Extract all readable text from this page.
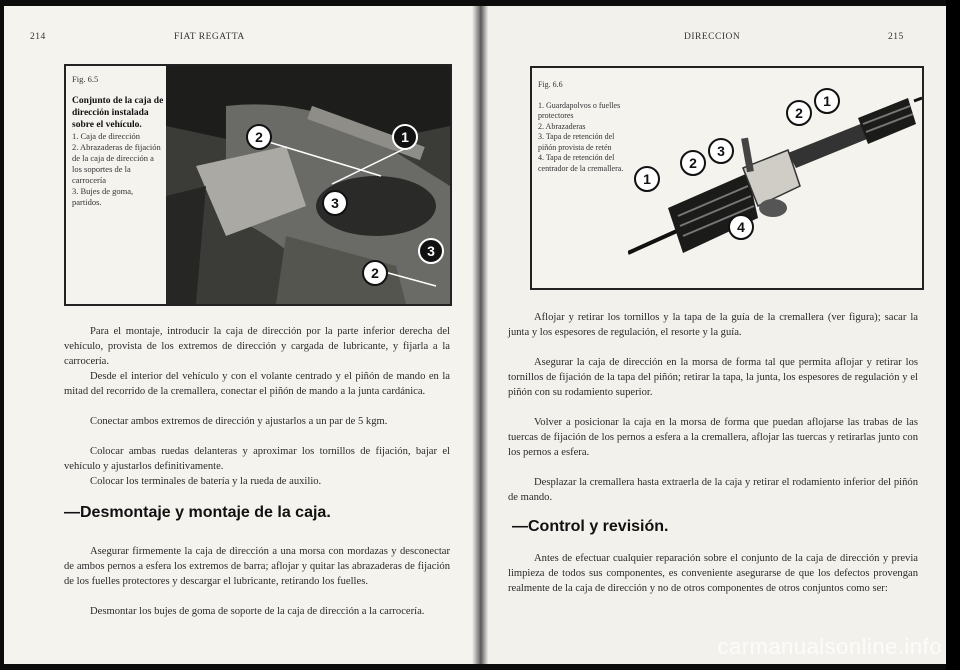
214	FIAT REGATTA
Fig. 6.5
Conjunto de la caja de dirección instalada sobre el vehículo.
1. Caja de dirección
2. Abrazaderas de fijación de la caja de dirección a los soportes de la carrocería
3. Bujes de goma, partidos.
2	1
3
2
3

Para el montaje, introducir la caja de dirección por la parte inferior derecha del vehículo, provista de los extremos de dirección y cargada de lubricante, y fijarla a la carrocería.

Desde el interior del vehículo y con el volante centrado y el piñón de mando en la mitad del recorrido de la cremallera, conectar el piñón de mando a la junta cardánica.

Conectar ambos extremos de dirección y ajustarlos a un par de 5 kgm.

Colocar ambas ruedas delanteras y aproximar los tornillos de fijación, bajar el vehículo y ajustarlos definitivamente.

Colocar los terminales de batería y la rueda de auxilio.

—Desmontaje y montaje de la caja.

Asegurar firmemente la caja de dirección a una morsa con mordazas y desconectar de ambos pernos a esfera los extremos de barra; aflojar y quitar las abrazaderas de fijación de los fuelles protectores y descargar el lubricante, retirando los fuelles.

Desmontar los bujes de goma de soporte de la caja de dirección a la carrocería.

DIRECCION	215
Fig. 6.6
1. Guardapolvos o fuelles protectores
2. Abrazaderas
3. Tapa de retención del piñón provista de retén
4. Tapa de retención del centrador de la cremallera.
1
2
3
2
1
4

Aflojar y retirar los tornillos y la tapa de la guía de la cremallera (ver figura); sacar la junta y los espesores de regulación, el resorte y la guía.

Asegurar la caja de dirección en la morsa de forma tal que permita aflojar y retirar los tornillos de fijación de la tapa del piñón; retirar la tapa, la junta, los espesores de regulación y el piñón con su rodamiento superior.

Volver a posicionar la caja en la morsa de forma que puedan aflojarse las trabas de las tuercas de fijación de los pernos a esfera a la cremallera, aflojar las tuercas y retirarlas junto con los pernos a esfera.

Desplazar la cremallera hasta extraerla de la caja y retirar el rodamiento inferior del piñón de mando.

—Control y revisión.

Antes de efectuar cualquier reparación sobre el conjunto de la caja de dirección y previa limpieza de todos sus componentes, es conveniente asegurarse de que los defectos provengan realmente de la caja de dirección y no de otros componentes de otros conjuntos como ser:

carmanualsonline.info
